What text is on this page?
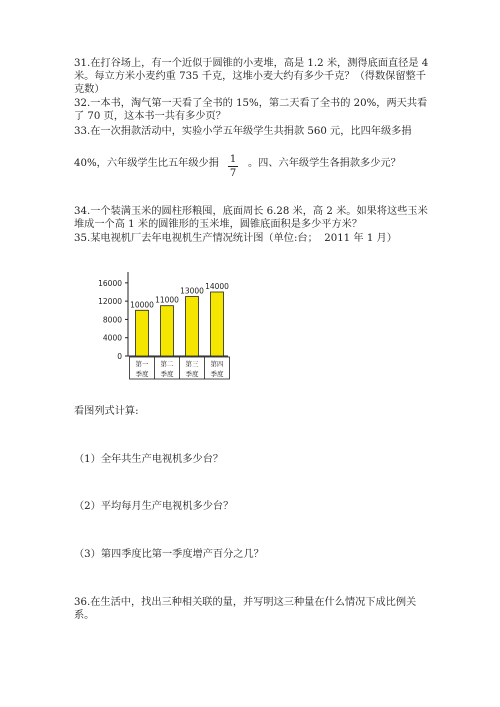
31.在打谷场上，有一个近似于圆锥的小麦堆，高是 1.2 米，测得底面直径是 4 米。每立方米小麦约重 735 千克，这堆小麦大约有多少千克？（得数保留整千克数）

32.一本书，淘气第一天看了全书的 15%，第二天看了全书的 20%，两天共看了 70 页，这本书一共有多少页？

33.在一次捐款活动中，实验小学五年级学生共捐款 560 元，比四年级多捐

40%，六年级学生比五年级少捐 1
7

。四、六年级学生各捐款多少元？

34.一个装满玉米的圆柱形粮囤，底面周长 6.28 米，高 2 米。如果将这些玉米堆成一个高 1 米的圆锥形的玉米堆，圆锥底面积是多少平方米？

35.某电视机厂去年电视机生产情况统计图（单位:台；  2011 年 1 月）

0
4000
8000
12000
16000
10000
第一
季度
11000
第二
季度
13000
第三
季度
14000
第四
季度

看图列式计算:

（1）全年共生产电视机多少台？

（2）平均每月生产电视机多少台？

（3）第四季度比第一季度增产百分之几？

36.在生活中，找出三种相关联的量，并写明这三种量在什么情况下成比例关系。
